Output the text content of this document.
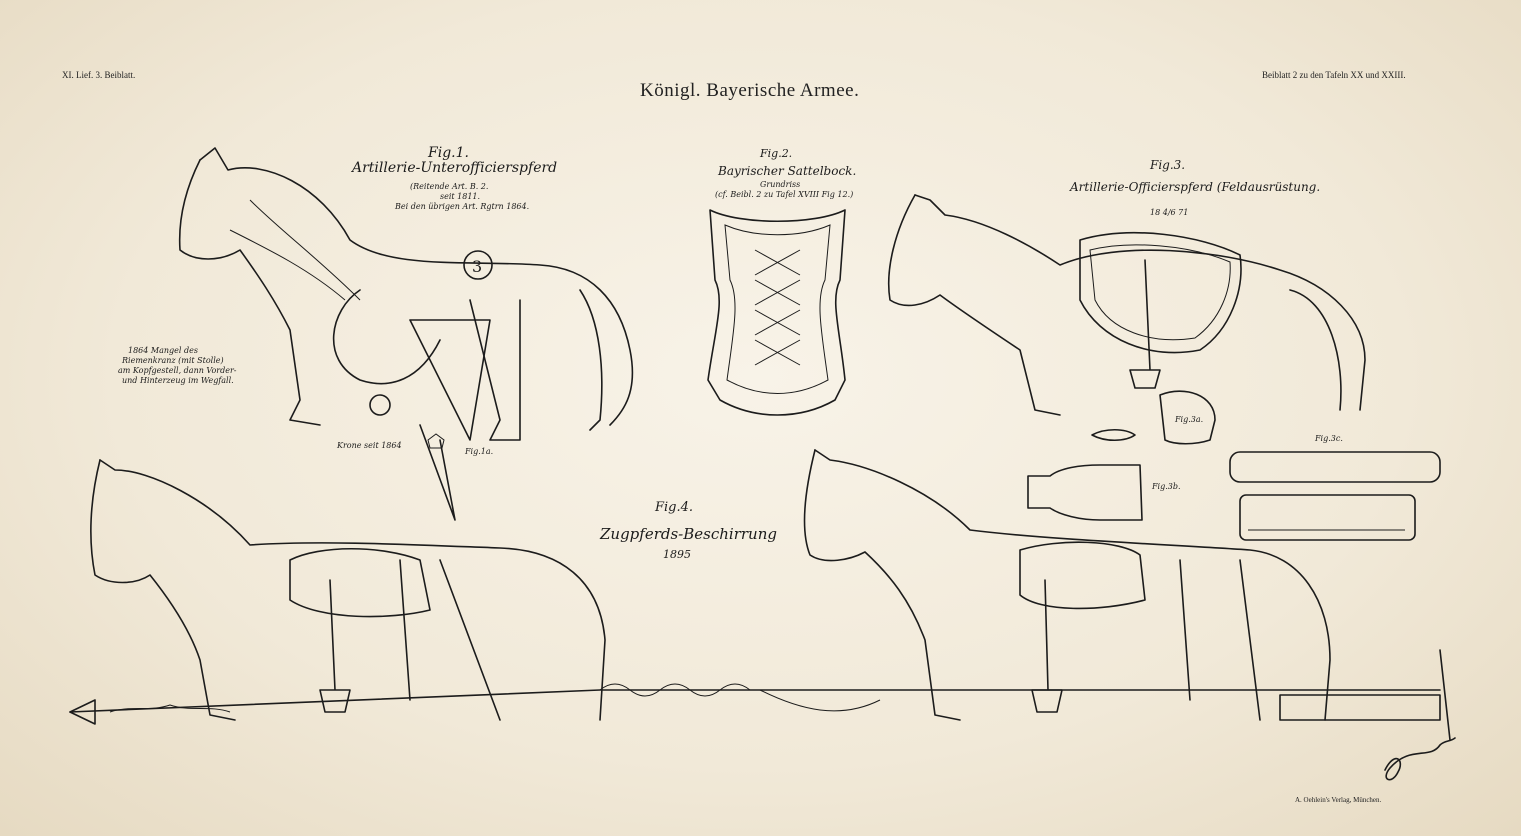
XI. Lief. 3. Beiblatt.
Königl. Bayerische Armee.
Beiblatt 2 zu den Tafeln XX und XXIII.
3
Fig.1.
Artillerie-Unterofficierspferd
(Reitende Art. B. 2.
seit 1811.
Bei den übrigen Art. Rgtrn 1864.
1864 Mangel des
Riemenkranz (mit Stolle)
am Kopfgestell, dann Vorder-
und Hinterzeug im Wegfall.
Krone seit 1864
Fig.1a.
Fig.2.
Bayrischer Sattelbock.
Grundriss
(cf. Beibl. 2 zu Tafel XVIII Fig 12.)
Fig.3.
Artillerie-Officierspferd (Feldausrüstung.
18 4/6 71
Fig.3a.
Fig.3b.
Fig.3c.
Fig.4.
Zugpferds-Beschirrung
1895
A. Oehlein's Verlag, München.
